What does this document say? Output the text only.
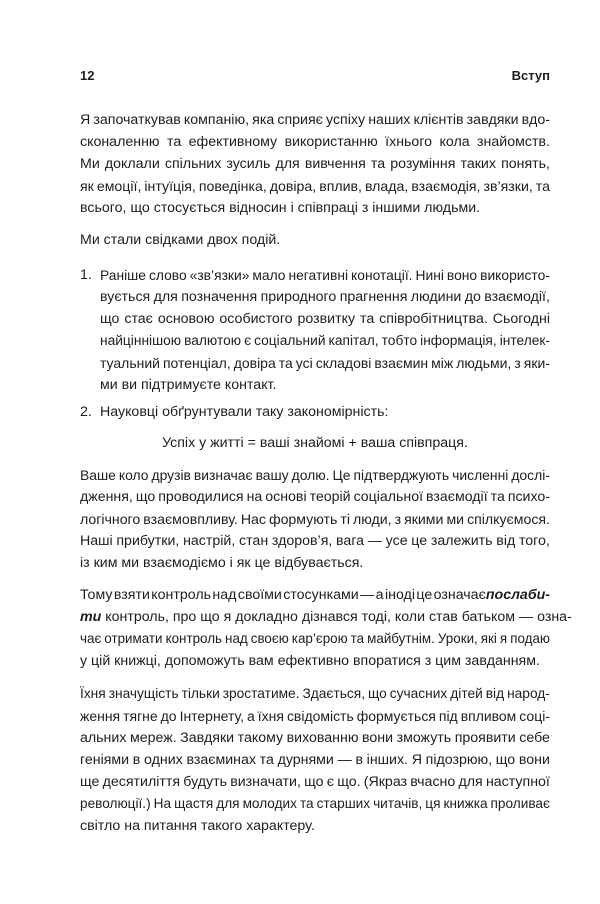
12	Вступ
Я започаткував компанію, яка сприяє успіху наших клієнтів завдяки вдо-
сконаленню та ефективному використанню їхнього кола знайомств.
Ми доклали спільних зусиль для вивчення та розуміння таких понять,
як емоції, інтуїція, поведінка, довіра, вплив, влада, взаємодія, зв’язки, та
всього, що стосується відносин і співпраці з іншими людьми.
Ми стали свідками двох подій.
1. Раніше слово «зв’язки» мало негативні конотації. Нині воно використо-
вується для позначення природного прагнення людини до взаємодії,
що стає основою особистого розвитку та співробітництва. Сьогодні
найціннішою валютою є соціальний капітал, тобто інформація, інтелек-
туальний потенціал, довіра та усі складові взаємин між людьми, з яки-
ми ви підтримуєте контакт.
2. Науковці обґрунтували таку закономірність:
Успіх у житті = ваші знайомі + ваша співпраця.
Ваше коло друзів визначає вашу долю. Це підтверджують численні дослі-
дження, що проводилися на основі теорій соціальної взаємодії та психо-
логічного взаємовпливу. Нас формують ті люди, з якими ми спілкуємося.
Наші прибутки, настрій, стан здоров’я, вага — усе це залежить від того,
із ким ми взаємодіємо і як це відбувається.
Тому взяти контроль над своїми стосунками — а іноді це означає послаби-
ти контроль, про що я докладно дізнався тоді, коли став батьком — озна-
чає отримати контроль над своєю кар’єрою та майбутнім. Уроки, які я подаю
у цій книжці, допоможуть вам ефективно впоратися з цим завданням.
Їхня значущість тільки зростатиме. Здається, що сучасних дітей від народ-
ження тягне до Інтернету, а їхня свідомість формується під впливом соці-
альних мереж. Завдяки такому вихованню вони зможуть проявити себе
геніями в одних взаєминах та дурнями — в інших. Я підозрюю, що вони
ще десятиліття будуть визначати, що є що. (Якраз вчасно для наступної
революції.) На щастя для молодих та старших читачів, ця книжка проливає
світло на питання такого характеру.
